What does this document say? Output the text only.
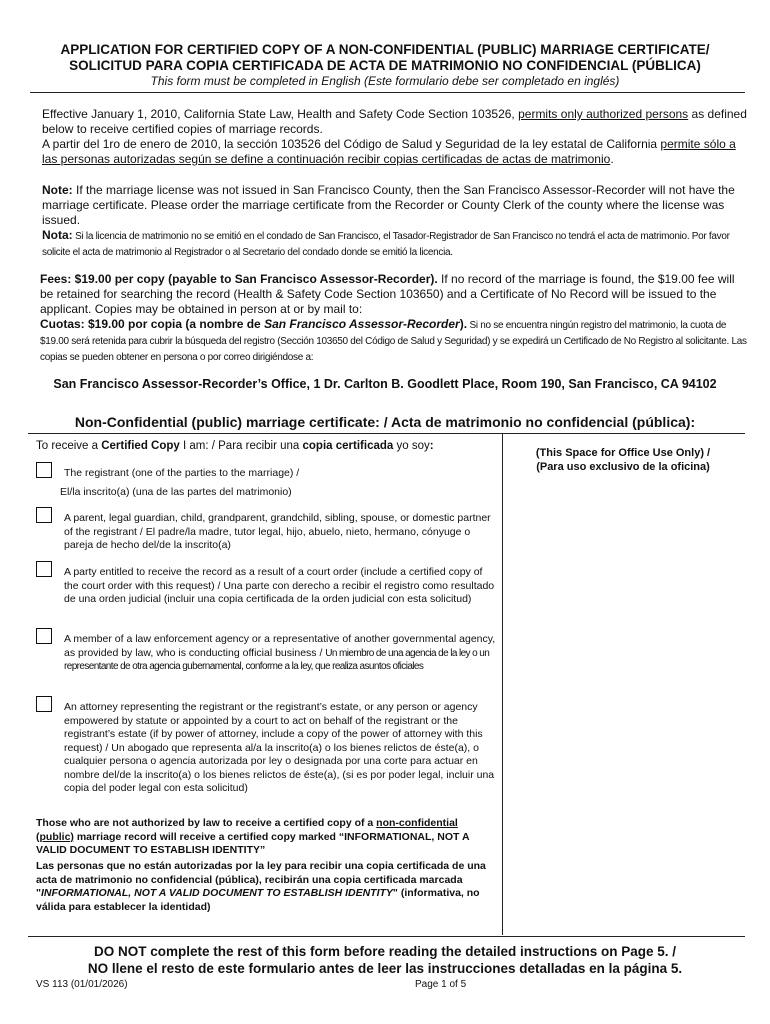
APPLICATION FOR CERTIFIED COPY OF A NON-CONFIDENTIAL (PUBLIC) MARRIAGE CERTIFICATE/
SOLICITUD PARA COPIA CERTIFICADA DE ACTA DE MATRIMONIO NO CONFIDENCIAL (PÚBLICA)
This form must be completed in English (Este formulario debe ser completado en inglés)

Effective January 1, 2010, California State Law, Health and Safety Code Section 103526, permits only authorized persons as defined below to receive certified copies of marriage records.

A partir del 1ro de enero de 2010, la sección 103526 del Código de Salud y Seguridad de la ley estatal de California permite sólo a las personas autorizadas según se define a continuación recibir copias certificadas de actas de matrimonio.

Note: If the marriage license was not issued in San Francisco County, then the San Francisco Assessor-Recorder will not have the marriage certificate. Please order the marriage certificate from the Recorder or County Clerk of the county where the license was issued.

Nota: Si la licencia de matrimonio no se emitió en el condado de San Francisco, el Tasador-Registrador de San Francisco no tendrá el acta de matrimonio. Por favor solicite el acta de matrimonio al Registrador o al Secretario del condado donde se emitió la licencia.

Fees: $19.00 per copy (payable to San Francisco Assessor-Recorder). If no record of the marriage is found, the $19.00 fee will be retained for searching the record (Health & Safety Code Section 103650) and a Certificate of No Record will be issued to the applicant. Copies may be obtained in person at or by mail to:

Cuotas: $19.00 por copia (a nombre de San Francisco Assessor-Recorder). Si no se encuentra ningún registro del matrimonio, la cuota de $19.00 será retenida para cubrir la búsqueda del registro (Sección 103650 del Código de Salud y Seguridad) y se expedirá un Certificado de No Registro al solicitante. Las copias se pueden obtener en persona o por correo dirigiéndose a:

San Francisco Assessor-Recorder’s Office, 1 Dr. Carlton B. Goodlett Place, Room 190, San Francisco, CA 94102
Non-Confidential (public) marriage certificate: / Acta de matrimonio no confidencial (pública):
(This Space for Office Use Only) /
(Para uso exclusivo de la oficina)
To receive a Certified Copy I am: / Para recibir una copia certificada yo soy:
The registrant (one of the parties to the marriage) /
El/la inscrito(a) (una de las partes del matrimonio)
A parent, legal guardian, child, grandparent, grandchild, sibling, spouse, or domestic partner of the registrant / El padre/la madre, tutor legal, hijo, abuelo, nieto, hermano, cónyuge o pareja de hecho del/de la inscrito(a)
A party entitled to receive the record as a result of a court order (include a certified copy of the court order with this request) / Una parte con derecho a recibir el registro como resultado de una orden judicial (incluir una copia certificada de la orden judicial con esta solicitud)
A member of a law enforcement agency or a representative of another governmental agency, as provided by law, who is conducting official business / Un miembro de una agencia de la ley o un representante de otra agencia gubernamental, conforme a la ley, que realiza asuntos oficiales
An attorney representing the registrant or the registrant’s estate, or any person or agency empowered by statute or appointed by a court to act on behalf of the registrant or the registrant’s estate (if by power of attorney, include a copy of the power of attorney with this request) / Un abogado que representa al/a la inscrito(a) o los bienes relictos de éste(a), o cualquier persona o agencia autorizada por ley o designada por una corte para actuar en nombre del/de la inscrito(a) o los bienes relictos de éste(a), (si es por poder legal, incluir una copia del poder legal con esta solicitud)
Those who are not authorized by law to receive a certified copy of a non-confidential (public) marriage record will receive a certified copy marked “INFORMATIONAL, NOT A VALID DOCUMENT TO ESTABLISH IDENTITY”
Las personas que no están autorizadas por la ley para recibir una copia certificada de una acta de matrimonio no confidencial (pública), recibirán una copia certificada marcada "INFORMATIONAL, NOT A VALID DOCUMENT TO ESTABLISH IDENTITY" (informativa, no válida para establecer la identidad)
DO NOT complete the rest of this form before reading the detailed instructions on Page 5. /
NO llene el resto de este formulario antes de leer las instrucciones detalladas en la página 5.
VS 113 (01/01/2026)	Page 1 of 5
